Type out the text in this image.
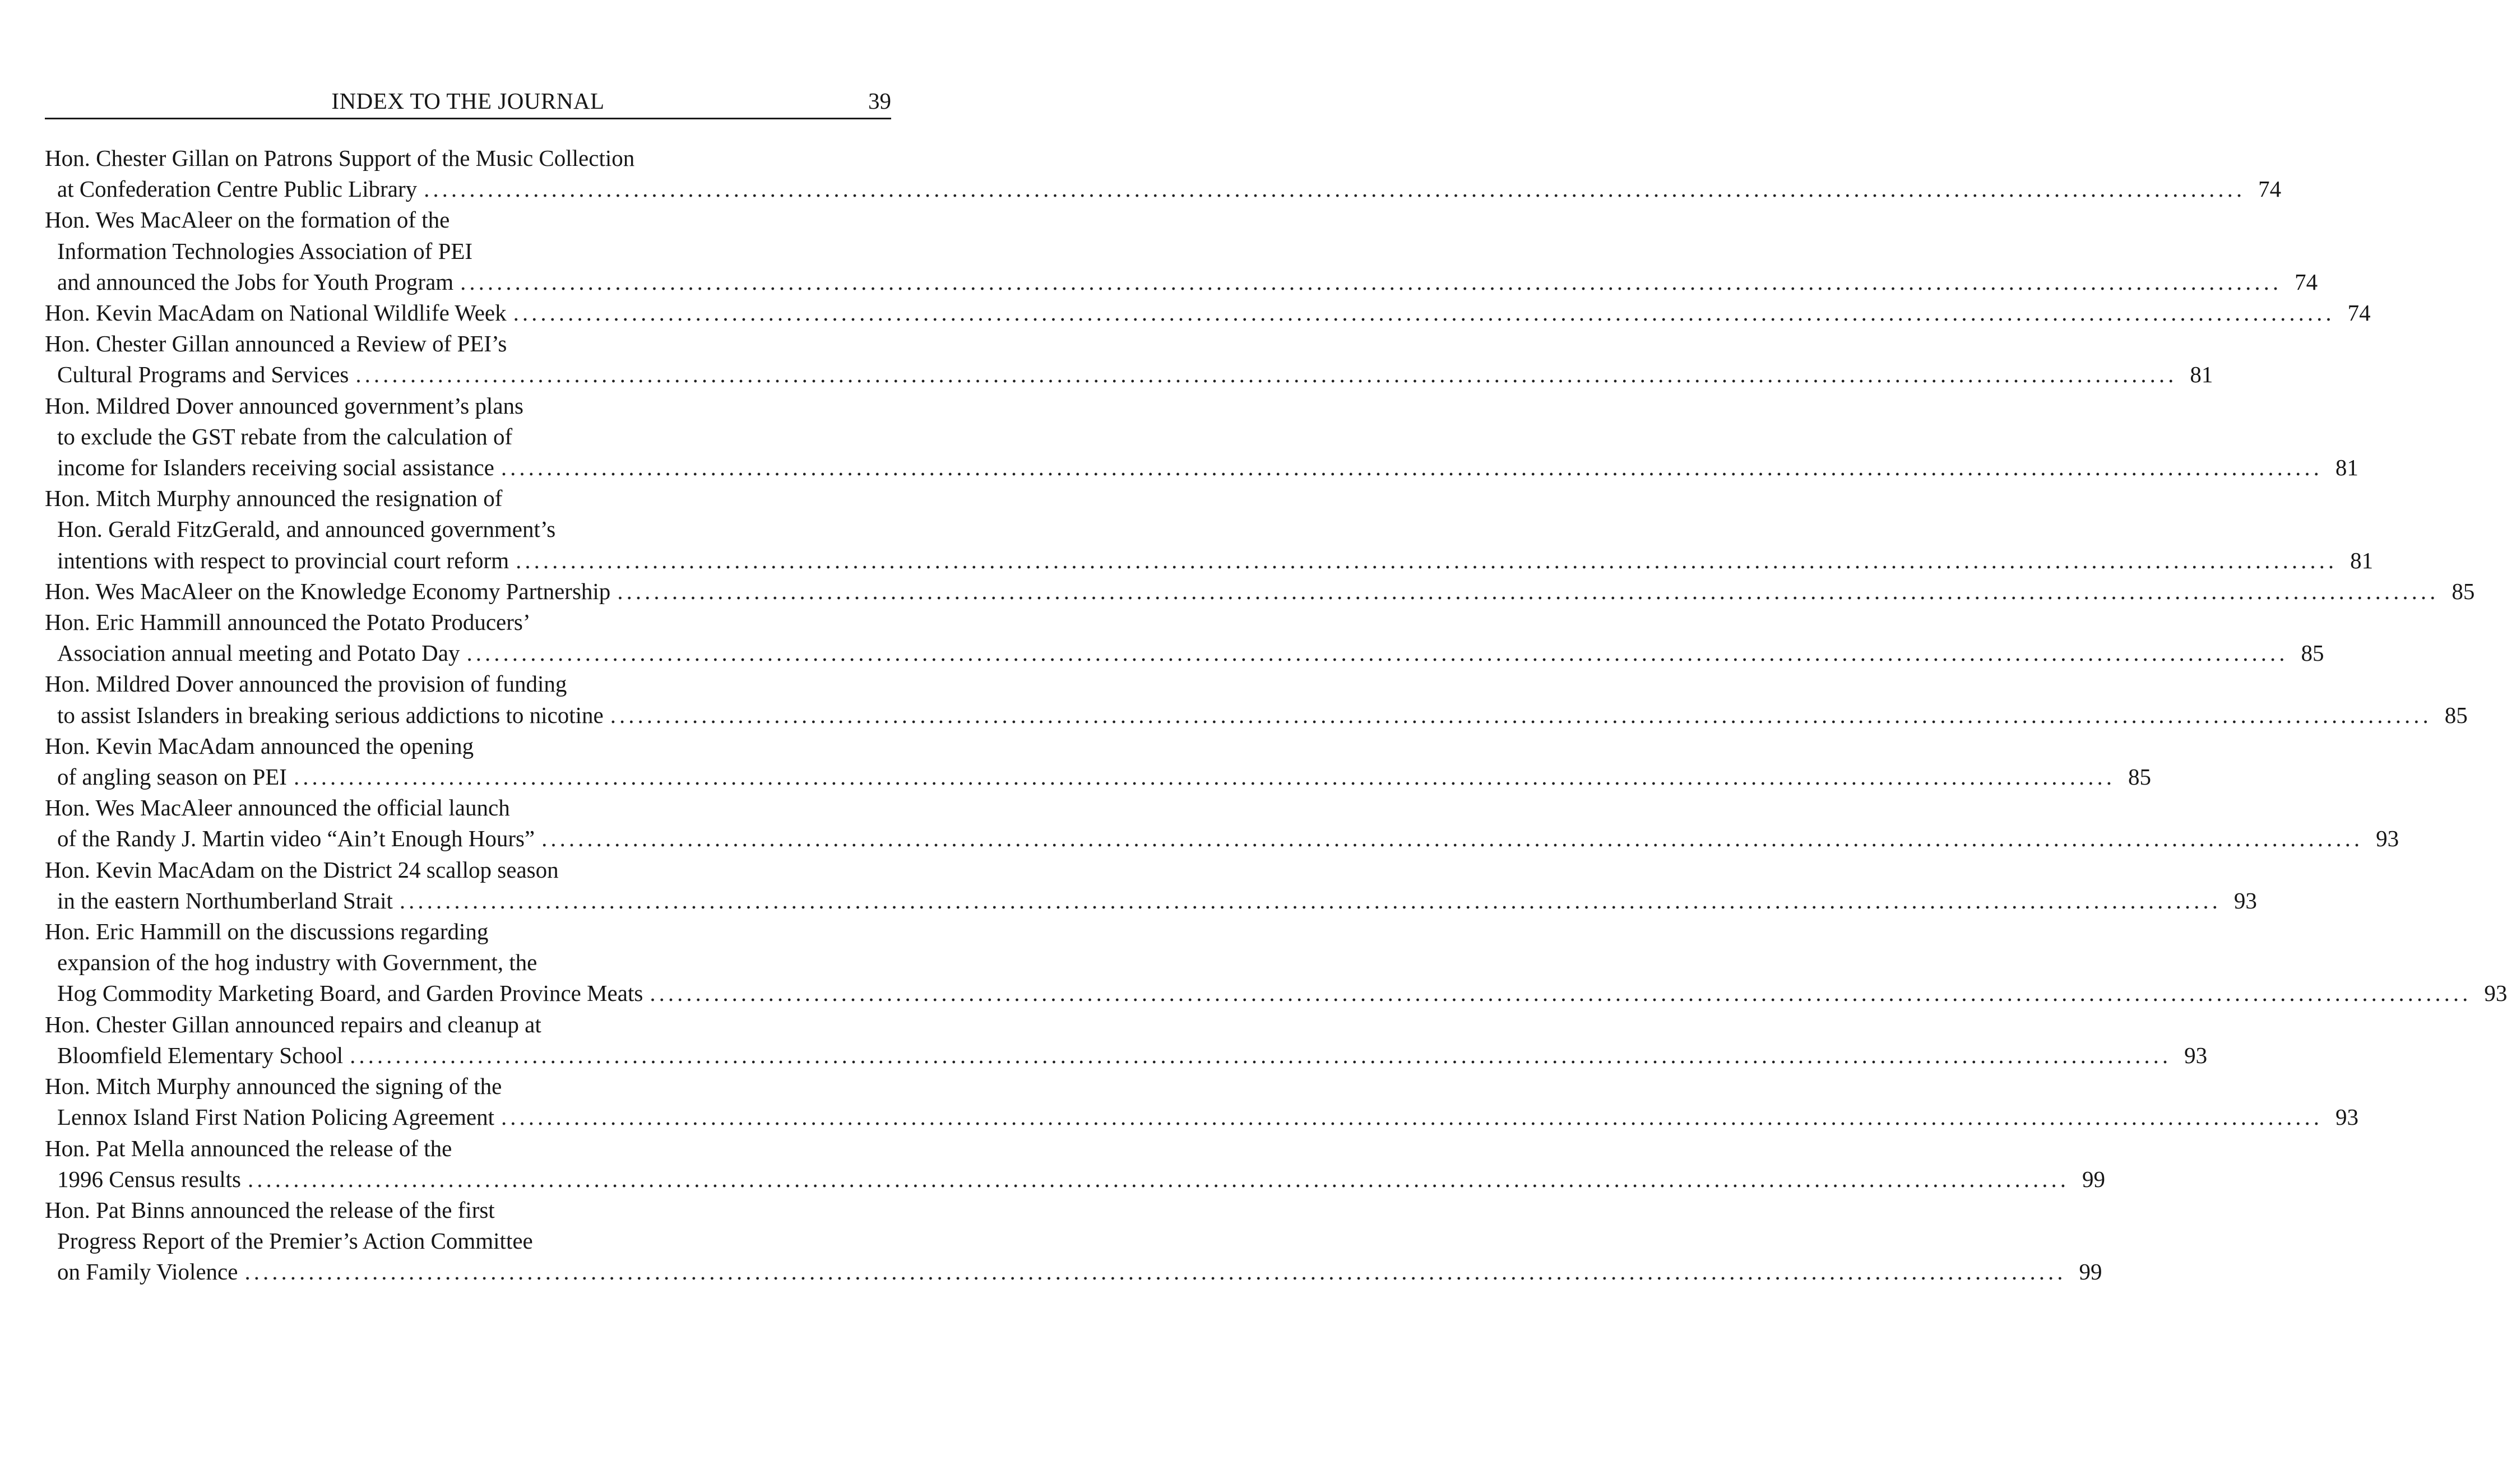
INDEX TO THE JOURNAL	39
Hon. Chester Gillan on Patrons Support of the Music Collection
at Confederation Centre Public Library ........................................................................................................................................................................................................ 74
Hon. Wes MacAleer on the formation of the
Information Technologies Association of PEI
and announced the Jobs for Youth Program ........................................................................................................................................................................................................ 74
Hon. Kevin MacAdam on National Wildlife Week ........................................................................................................................................................................................................ 74
Hon. Chester Gillan announced a Review of PEI’s
Cultural Programs and Services ........................................................................................................................................................................................................ 81
Hon. Mildred Dover announced government’s plans
to exclude the GST rebate from the calculation of
income for Islanders receiving social assistance ........................................................................................................................................................................................................ 81
Hon. Mitch Murphy announced the resignation of
Hon. Gerald FitzGerald, and announced government’s
intentions with respect to provincial court reform ........................................................................................................................................................................................................ 81
Hon. Wes MacAleer on the Knowledge Economy Partnership ........................................................................................................................................................................................................ 85
Hon. Eric Hammill announced the Potato Producers’
Association annual meeting and Potato Day ........................................................................................................................................................................................................ 85
Hon. Mildred Dover announced the provision of funding
to assist Islanders in breaking serious addictions to nicotine ........................................................................................................................................................................................................ 85
Hon. Kevin MacAdam announced the opening
of angling season on PEI ........................................................................................................................................................................................................ 85
Hon. Wes MacAleer announced the official launch
of the Randy J. Martin video “Ain’t Enough Hours” ........................................................................................................................................................................................................ 93
Hon. Kevin MacAdam on the District 24 scallop season
in the eastern Northumberland Strait ........................................................................................................................................................................................................ 93
Hon. Eric Hammill on the discussions regarding
expansion of the hog industry with Government, the
Hog Commodity Marketing Board, and Garden Province Meats ........................................................................................................................................................................................................ 93
Hon. Chester Gillan announced repairs and cleanup at
Bloomfield Elementary School ........................................................................................................................................................................................................ 93
Hon. Mitch Murphy announced the signing of the
Lennox Island First Nation Policing Agreement ........................................................................................................................................................................................................ 93
Hon. Pat Mella announced the release of the
1996 Census results ........................................................................................................................................................................................................ 99
Hon. Pat Binns announced the release of the first
Progress Report of the Premier’s Action Committee
on Family Violence ........................................................................................................................................................................................................ 99
